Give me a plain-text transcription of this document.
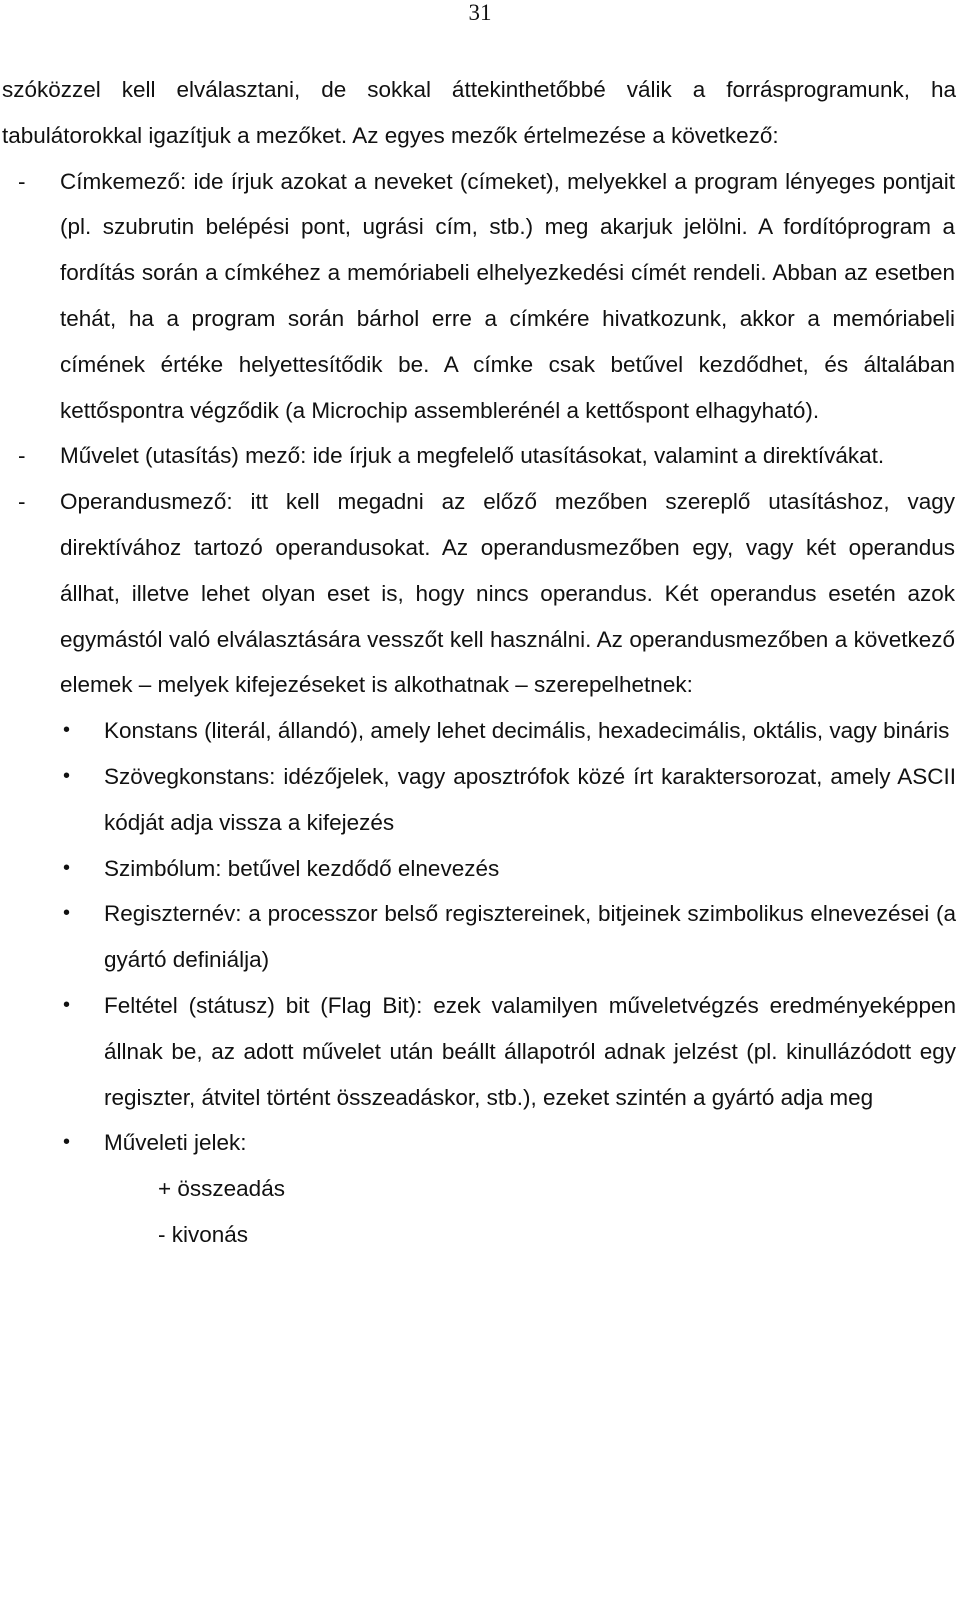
31

szóközzel kell elválasztani, de sokkal áttekinthetőbbé válik a forrásprogramunk, ha tabulátorokkal igazítjuk a mezőket. Az egyes mezők értelmezése a következő:

- Címkemező: ide írjuk azokat a neveket (címeket), melyekkel a program lényeges pontjait (pl. szubrutin belépési pont, ugrási cím, stb.) meg akarjuk jelölni. A fordítóprogram a fordítás során a címkéhez a memóriabeli elhelyezkedési címét rendeli. Abban az esetben tehát, ha a program során bárhol erre a címkére hivatkozunk, akkor a memóriabeli címének értéke helyettesítődik be. A címke csak betűvel kezdődhet, és általában kettőspontra végződik (a Microchip assemblerénél a kettőspont elhagyható).
- Művelet (utasítás) mező: ide írjuk a megfelelő utasításokat, valamint a direktívákat.
- Operandusmező: itt kell megadni az előző mezőben szereplő utasításhoz, vagy direktívához tartozó operandusokat. Az operandusmezőben egy, vagy két operandus állhat, illetve lehet olyan eset is, hogy nincs operandus. Két operandus esetén azok egymástól való elválasztására vesszőt kell használni. Az operandusmezőben a következő elemek – melyek kifejezéseket is alkothatnak – szerepelhetnek:
• Konstans (literál, állandó), amely lehet decimális, hexadecimális, oktális, vagy bináris
• Szövegkonstans: idézőjelek, vagy aposztrófok közé írt karaktersorozat, amely ASCII kódját adja vissza a kifejezés
• Szimbólum: betűvel kezdődő elnevezés
• Regiszternév: a processzor belső regisztereinek, bitjeinek szimbolikus elnevezései (a gyártó definiálja)
• Feltétel (státusz) bit (Flag Bit): ezek valamilyen műveletvégzés eredményeképpen állnak be, az adott művelet után beállt állapotról adnak jelzést (pl. kinullázódott egy regiszter, átvitel történt összeadáskor, stb.), ezeket szintén a gyártó adja meg
• Műveleti jelek:
+ összeadás
- kivonás
